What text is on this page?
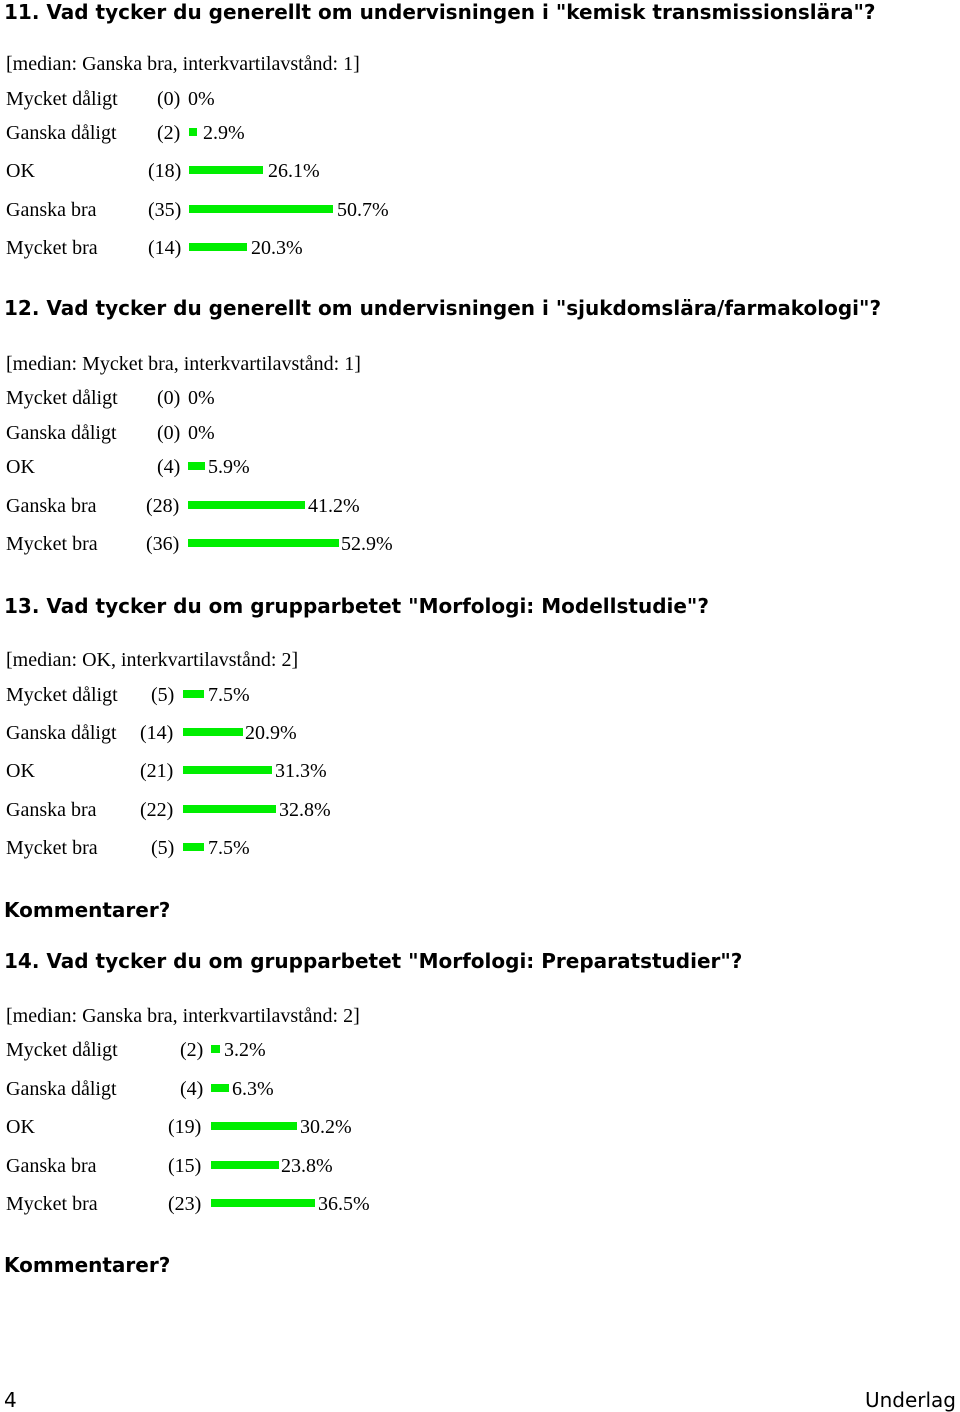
11. Vad tycker du generellt om undervisningen i "kemisk transmissionslära"?
[median: Ganska bra, interkvartilavstånd: 1]
Mycket dåligt (0) 0%
Ganska dåligt (2) 2.9%
OK	(18)	26.1%
Ganska bra	(35)	50.7%
Mycket bra	(14)	20.3%
12. Vad tycker du generellt om undervisningen i "sjukdomslära/farmakologi"?
[median: Mycket bra, interkvartilavstånd: 1]
Mycket dåligt (0) 0%
Ganska dåligt (0) 0%
OK	(4) 5.9%
Ganska bra (28)	41.2%
Mycket bra (36)	52.9%
13. Vad tycker du om grupparbetet "Morfologi: Modellstudie"?
[median: OK, interkvartilavstånd: 2]
Mycket dåligt (5) 7.5%
Ganska dåligt (14)	20.9%
OK	(21)	31.3%
Ganska bra (22)	32.8%
Mycket bra	(5) 7.5%
Kommentarer?
14. Vad tycker du om grupparbetet "Morfologi: Preparatstudier"?
[median: Ganska bra, interkvartilavstånd: 2]
Mycket dåligt	(2) 3.2%
Ganska dåligt	(4) 6.3%
OK	(19)	30.2%
Ganska bra	(15)	23.8%
Mycket bra	(23)	36.5%
Kommentarer?
4	Underlag
